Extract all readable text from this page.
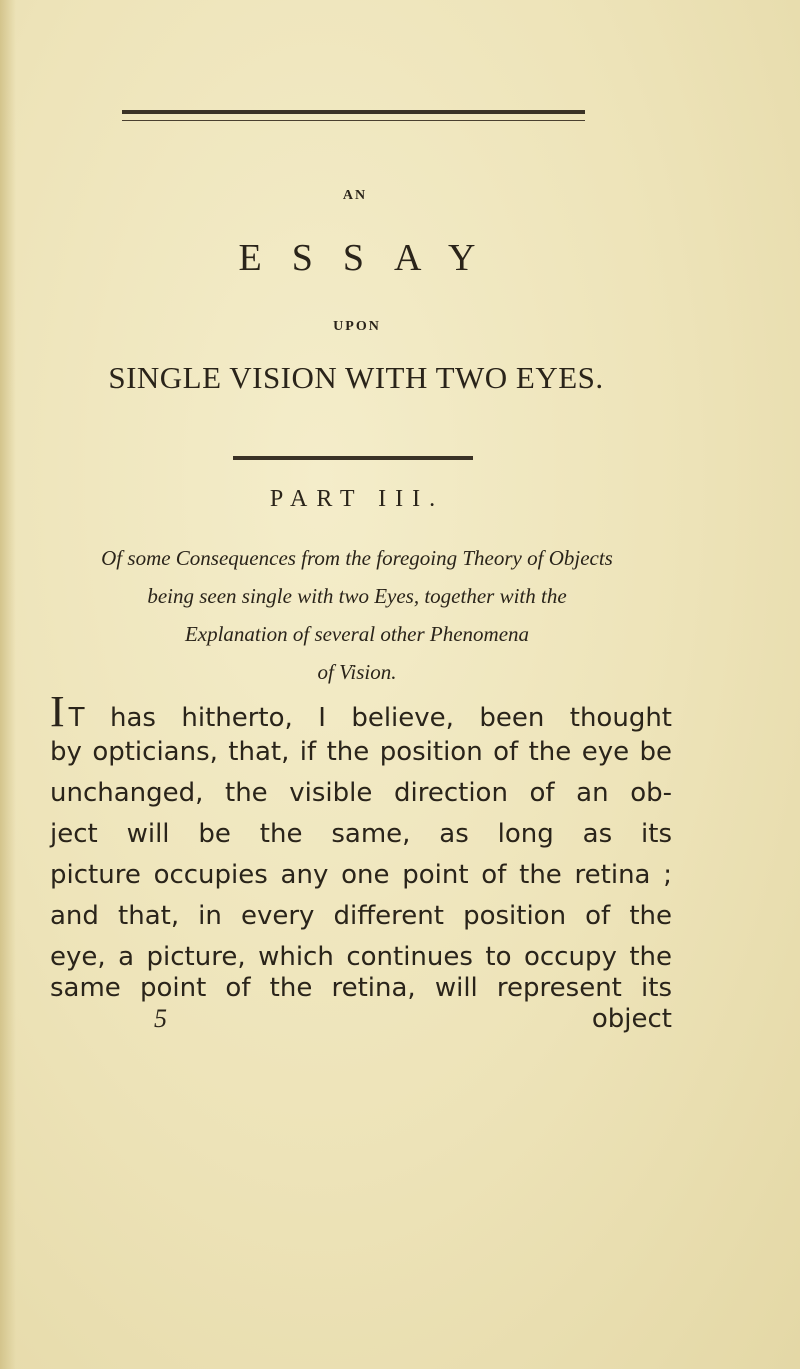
AN
ESSAY
UPON
SINGLE VISION WITH TWO EYES.
PART III.
Of some Consequences from the foregoing Theory of Objects
being seen single with two Eyes, together with the
Explanation of several other Phenomena
of Vision.
I T has hitherto, I believe, been thought
by opticians, that, if the position of the eye be
unchanged, the visible direction of an ob-
ject will be the same, as long as its
picture occupies any one point of the retina ;
and that, in every different position of the
eye, a picture, which continues to occupy the
same point of the retina, will represent its
5	object
